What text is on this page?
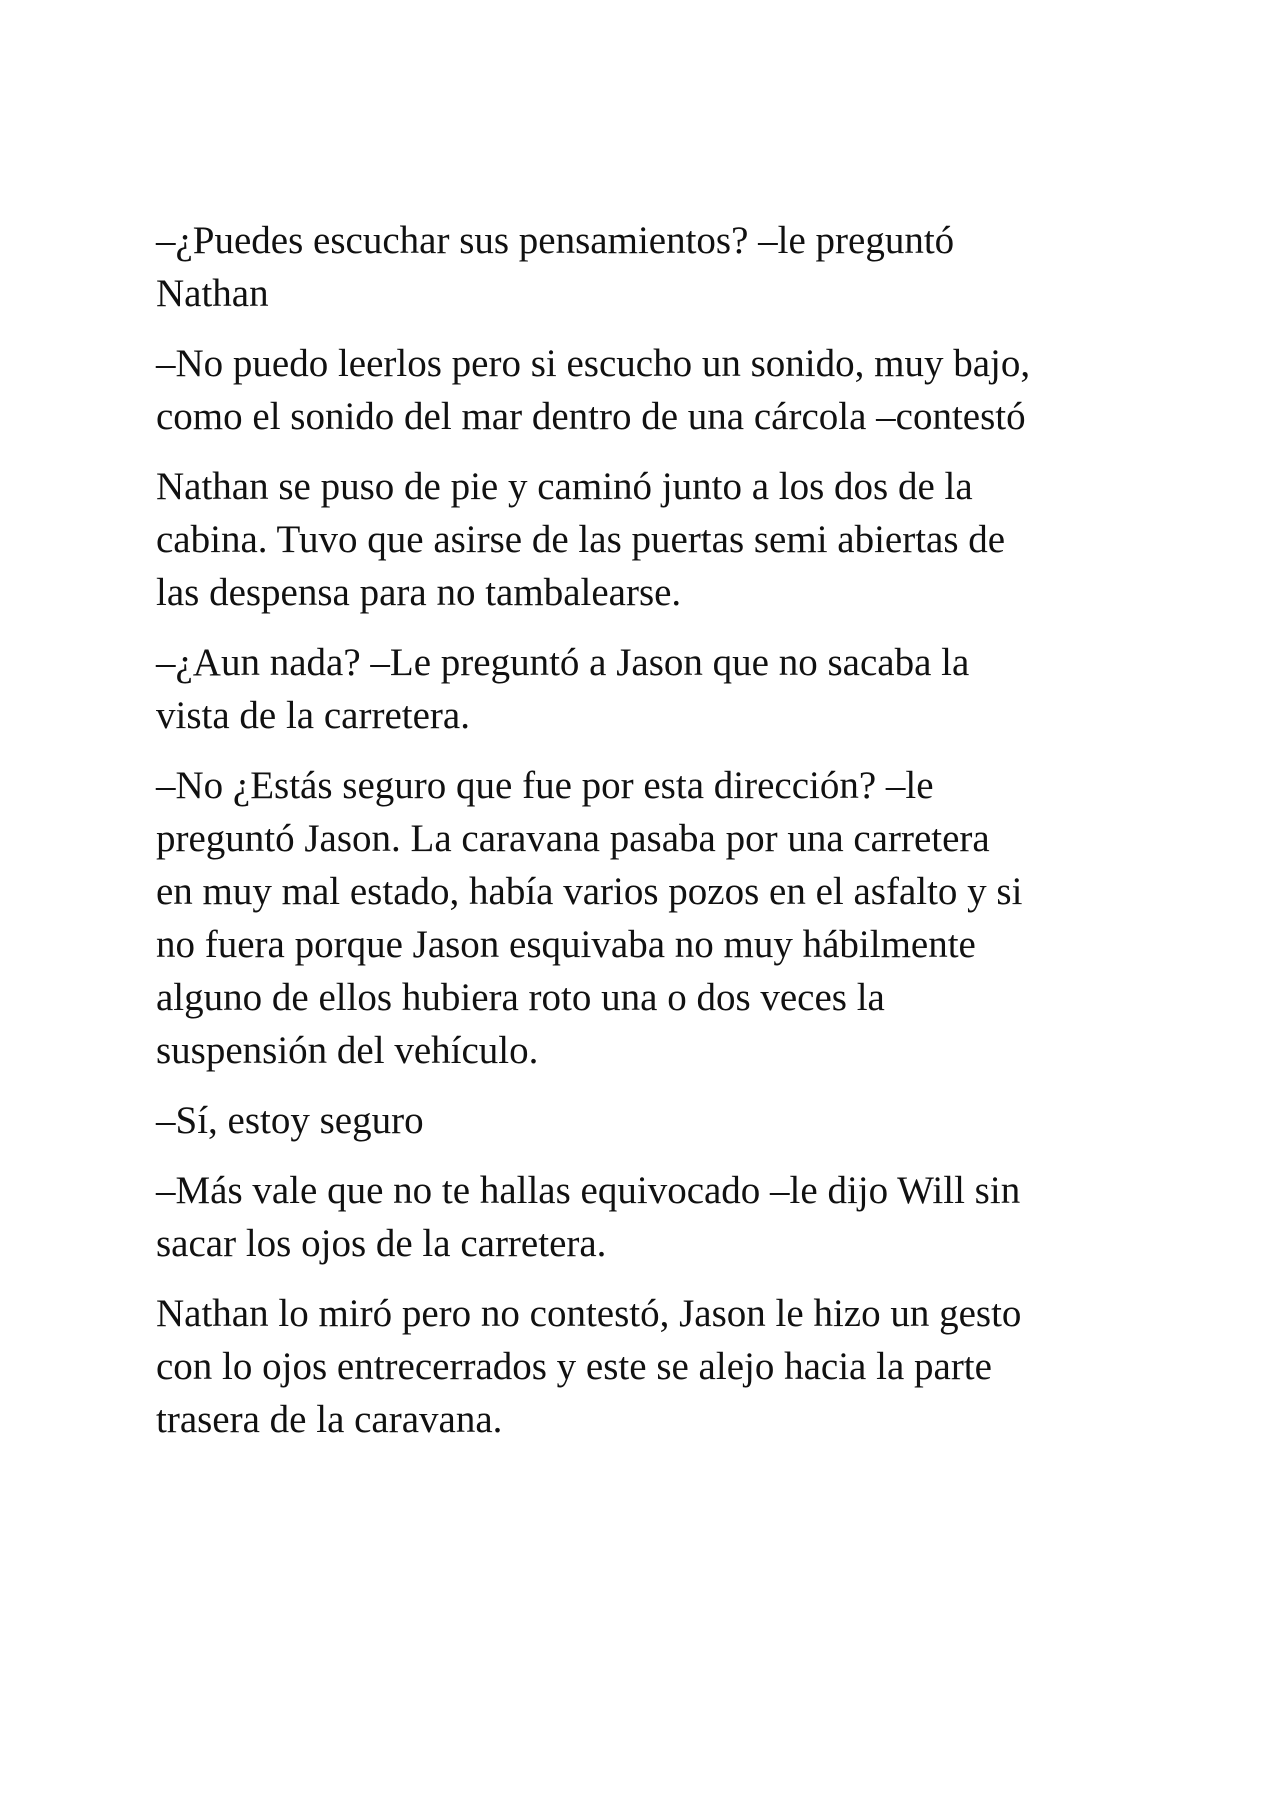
–¿Puedes escuchar sus pensamientos? –le preguntó
Nathan

–No puedo leerlos pero si escucho un sonido, muy bajo,
como el sonido del mar dentro de una cárcola –contestó

Nathan se puso de pie y caminó junto a los dos de la
cabina. Tuvo que asirse de las puertas semi abiertas de
las despensa para no tambalearse.

–¿Aun nada? –Le preguntó a Jason que no sacaba la
vista de la carretera.

–No ¿Estás seguro que fue por esta dirección? –le
preguntó Jason. La caravana pasaba por una carretera
en muy mal estado, había varios pozos en el asfalto y si
no fuera porque Jason esquivaba no muy hábilmente
alguno de ellos hubiera roto una o dos veces la
suspensión del vehículo.

–Sí, estoy seguro

–Más vale que no te hallas equivocado –le dijo Will sin
sacar los ojos de la carretera.

Nathan lo miró pero no contestó, Jason le hizo un gesto
con lo ojos entrecerrados y este se alejo hacia la parte
trasera de la caravana.
